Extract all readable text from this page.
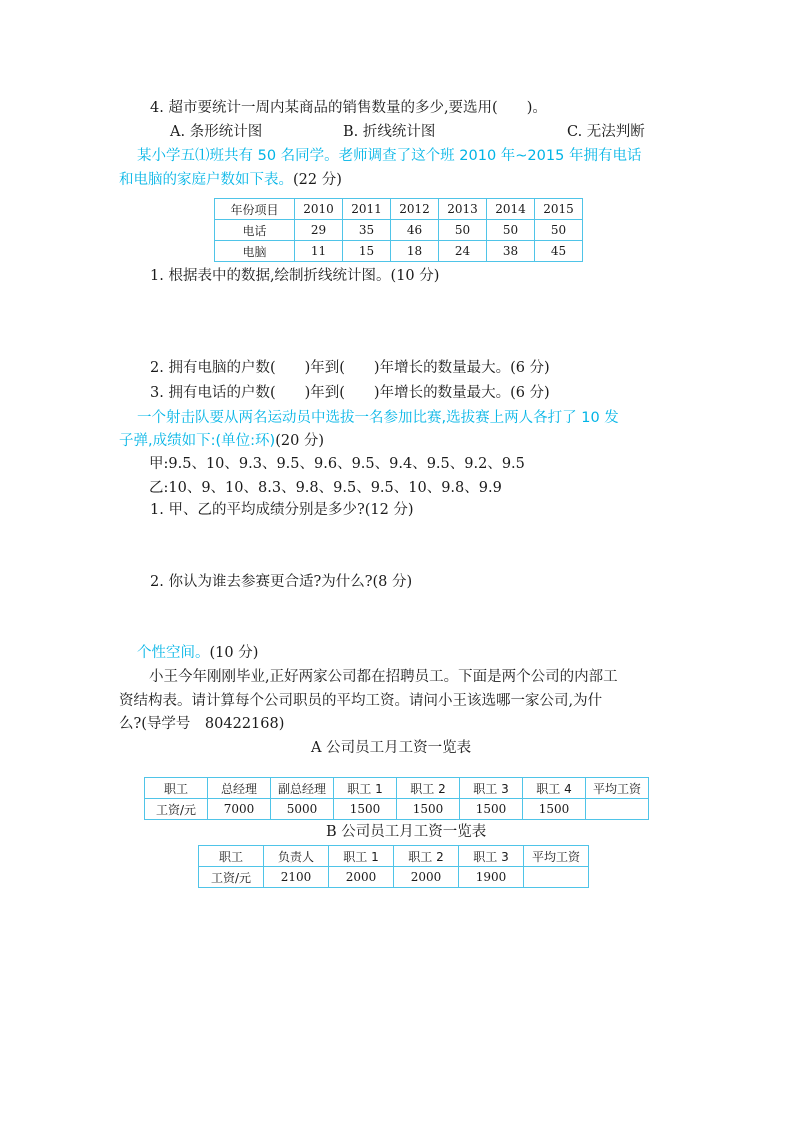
4. 超市要统计一周内某商品的销售数量的多少,要选用(　　)。
A. 条形统计图	B. 折线统计图	C. 无法判断
某小学五⑴班共有 50 名同学。老师调查了这个班 2010 年~2015 年拥有电话
和电脑的家庭户数如下表。(22 分)
年份项目	2010	2011	2012	2013	2014	2015
电话	29	35	46	50	50	50
电脑	11	15	18	24	38	45
1. 根据表中的数据,绘制折线统计图。(10 分)
2. 拥有电脑的户数(　　)年到(　　)年增长的数量最大。(6 分)
3. 拥有电话的户数(　　)年到(　　)年增长的数量最大。(6 分)
一个射击队要从两名运动员中选拔一名参加比赛,选拔赛上两人各打了 10 发
子弹,成绩如下:(单位:环)(20 分)
甲:9.5、10、9.3、9.5、9.6、9.5、9.4、9.5、9.2、9.5
乙:10、9、10、8.3、9.8、9.5、9.5、10、9.8、9.9
1. 甲、乙的平均成绩分别是多少?(12 分)
2. 你认为谁去参赛更合适?为什么?(8 分)
个性空间。(10 分)
小王今年刚刚毕业,正好两家公司都在招聘员工。下面是两个公司的内部工
资结构表。请计算每个公司职员的平均工资。请问小王该选哪一家公司,为什
么?(导学号　80422168)
A 公司员工月工资一览表
职工	总经理	副总经理	职工 1	职工 2	职工 3	职工 4	平均工资
工资/元	7000	5000	1500	1500	1500	1500	
B 公司员工月工资一览表
职工	负责人	职工 1	职工 2	职工 3	平均工资
工资/元	2100	2000	2000	1900	
